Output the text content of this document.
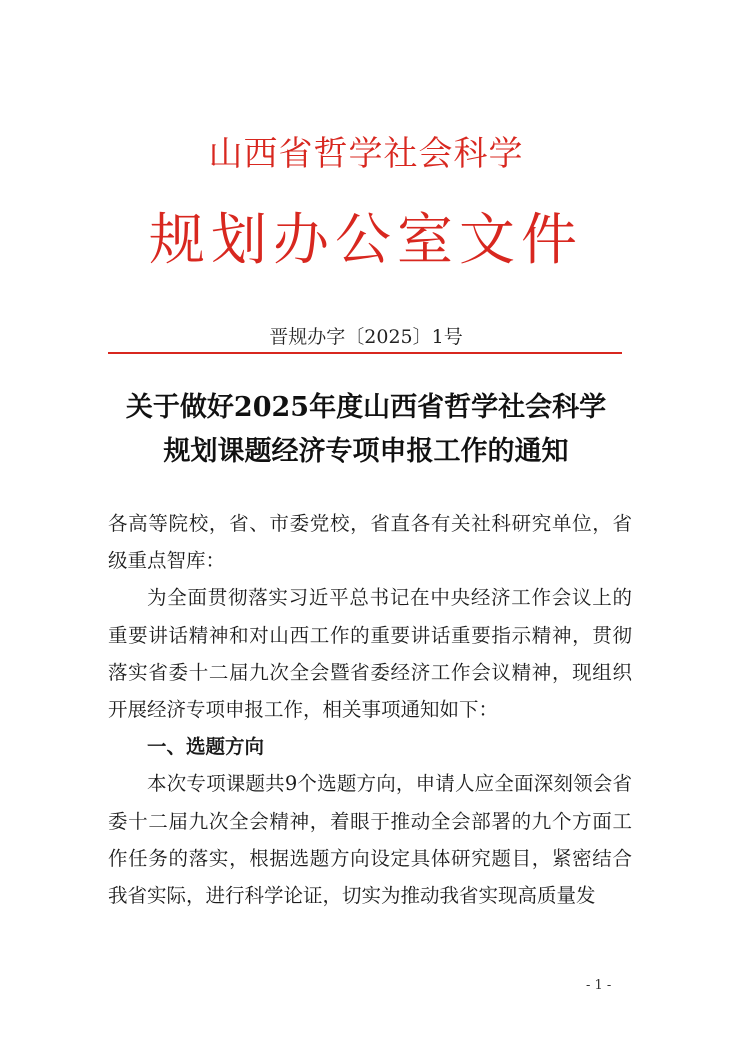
山西省哲学社会科学
规划办公室文件
晋规办字〔2025〕1号
关于做好2025年度山西省哲学社会科学
规划课题经济专项申报工作的通知

各高等院校，省、市委党校，省直各有关社科研究单位，省级重点智库：

为全面贯彻落实习近平总书记在中央经济工作会议上的重要讲话精神和对山西工作的重要讲话重要指示精神，贯彻落实省委十二届九次全会暨省委经济工作会议精神，现组织开展经济专项申报工作，相关事项通知如下：

一、选题方向

本次专项课题共9个选题方向，申请人应全面深刻领会省委十二届九次全会精神，着眼于推动全会部署的九个方面工作任务的落实，根据选题方向设定具体研究题目，紧密结合我省实际，进行科学论证，切实为推动我省实现高质量发

- 1 -
